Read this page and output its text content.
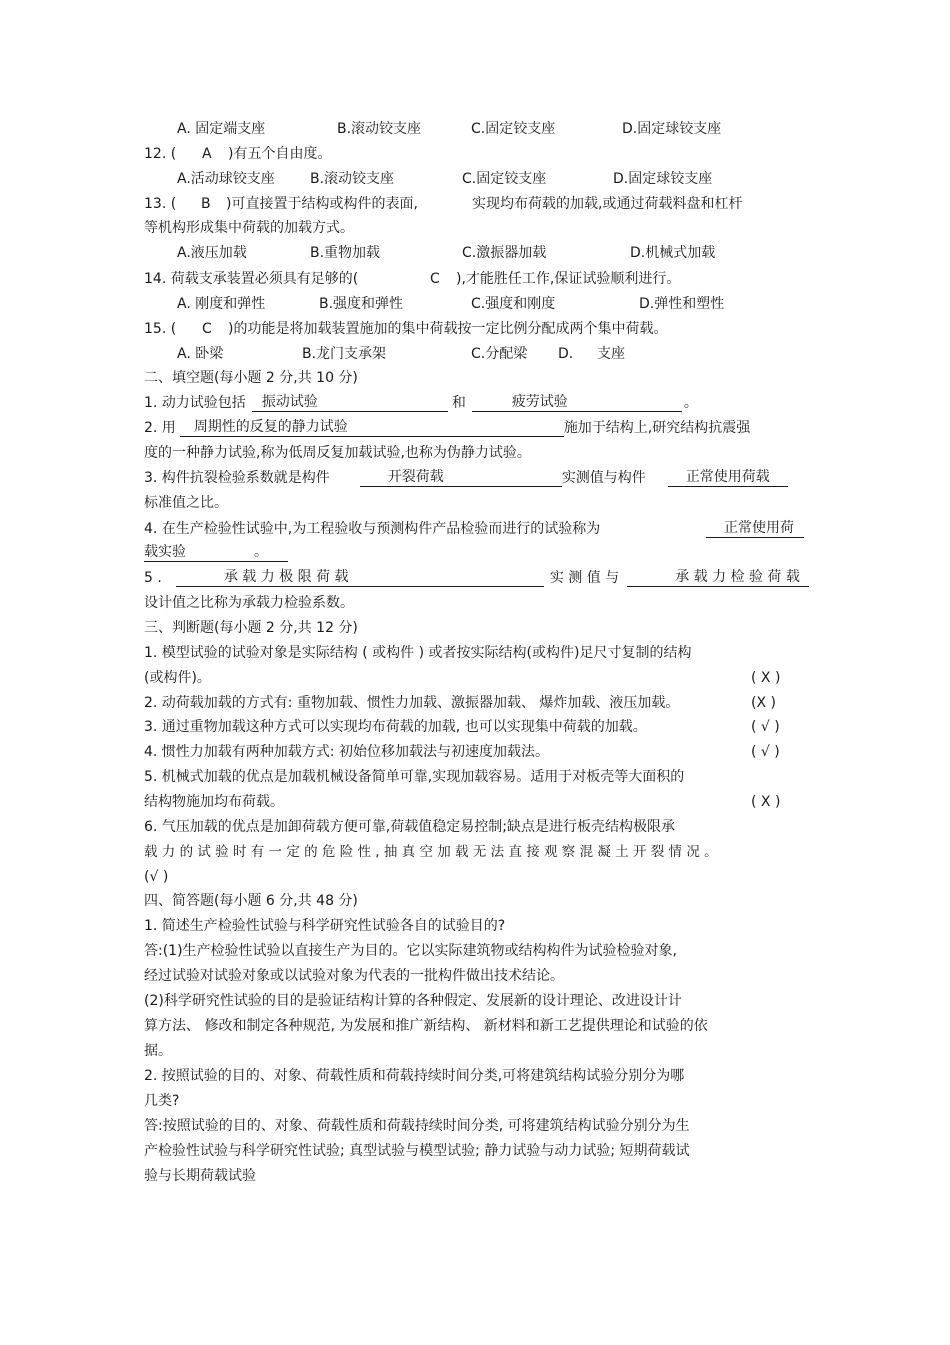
A. 固定端支座	B.滚动铰支座	C.固定铰支座	D.固定球铰支座
12. ( A )有五个自由度。
A.活动球铰支座	B.滚动铰支座	C.固定铰支座	D.固定球铰支座
13. ( B )可直接置于结构或构件的表面,	实现均布荷载的加载,或通过荷载料盘和杠杆
等机构形成集中荷载的加载方式。
A.液压加载	B.重物加载	C.激振器加载	D.机械式加载
14. 荷载支承装置必须具有足够的(	C ),才能胜任工作,保证试验顺利进行。
A. 刚度和弹性	B.强度和弹性	C.强度和刚度	D.弹性和塑性
15. ( C )的功能是将加载装置施加的集中荷载按一定比例分配成两个集中荷载。
A. 卧梁	B.龙门支承架	C.分配梁 D. 支座
二、填空题(每小题 2 分,共 10 分)
1. 动力试验包括 振动试验	和	疲劳试验	。
2. 用 周期性的反复的静力试验	施加于结构上,研究结构抗震强
度的一种静力试验,称为低周反复加载试验,也称为伪静力试验。
3. 构件抗裂检验系数就是构件	开裂荷载	实测值与构件	正常使用荷载
标准值之比。
4. 在生产检验性试验中,为工程验收与预测构件产品检验而进行的试验称为	正常使用荷
载实验	。
5 .	承 载 力 极 限 荷 载	实 测 值 与	承 载 力 检 验 荷 载
设计值之比称为承载力检验系数。
三、判断题(每小题 2 分,共 12 分)
1. 模型试验的试验对象是实际结构 ( 或构件 ) 或者按实际结构(或构件)足尺寸复制的结构
(或构件)。	( X )
2. 动荷载加载的方式有: 重物加载、惯性力加载、激振器加载、 爆炸加载、液压加载。	(X )
3. 通过重物加载这种方式可以实现均布荷载的加载, 也可以实现集中荷载的加载。	( √ )
4. 惯性力加载有两种加载方式: 初始位移加载法与初速度加载法。	( √ )
5. 机械式加载的优点是加载机械设备简单可靠,实现加载容易。适用于对板壳等大面积的
结构物施加均布荷载。	( X )
6. 气压加载的优点是加卸荷载方便可靠,荷载值稳定易控制;缺点是进行板壳结构极限承
载 力 的 试 验 时 有 一 定 的 危 险 性 , 抽 真 空 加 载 无 法 直 接 观 察 混 凝 土 开 裂 情 况 。
(√ )
四、简答题(每小题 6 分,共 48 分)
1. 简述生产检验性试验与科学研究性试验各自的试验目的?
答:(1)生产检验性试验以直接生产为目的。它以实际建筑物或结构构件为试验检验对象,
经过试验对试验对象或以试验对象为代表的一批构件做出技术结论。
(2)科学研究性试验的目的是验证结构计算的各种假定、发展新的设计理论、改进设计计
算方法、 修改和制定各种规范, 为发展和推广新结构、 新材料和新工艺提供理论和试验的依
据。
2. 按照试验的目的、对象、荷载性质和荷载持续时间分类,可将建筑结构试验分别分为哪
几类?
答:按照试验的目的、对象、荷载性质和荷载持续时间分类, 可将建筑结构试验分别分为生
产检验性试验与科学研究性试验; 真型试验与模型试验; 静力试验与动力试验; 短期荷载试
验与长期荷载试验
